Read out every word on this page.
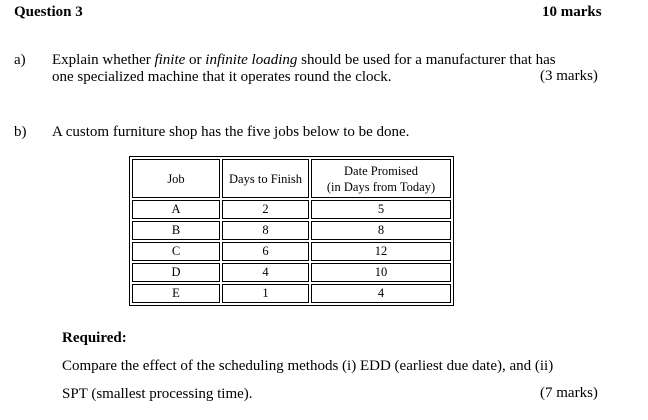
Question 3	10 marks
a) Explain whether finite or infinite loading should be used for a manufacturer that has
one specialized machine that it operates round the clock.	(3 marks)
b) A custom furniture shop has the five jobs below to be done.
Job	Days to Finish	Date Promised
(in Days from Today)

A	2	5
B	8	8
C	6	12
D	4	10
E	1	4
Required:
Compare the effect of the scheduling methods (i) EDD (earliest due date), and (ii)
SPT (smallest processing time).	(7 marks)
